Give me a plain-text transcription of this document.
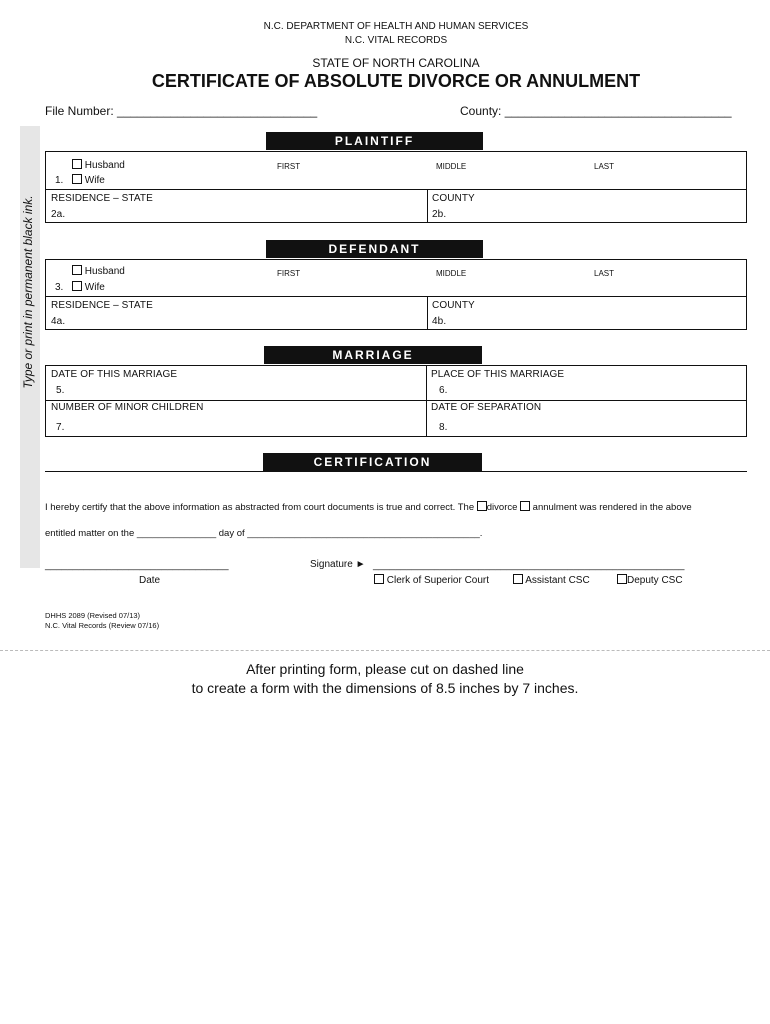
N.C. DEPARTMENT OF HEALTH AND HUMAN SERVICES
N.C. VITAL RECORDS
STATE OF NORTH CAROLINA
CERTIFICATE OF ABSOLUTE DIVORCE OR ANNULMENT
File Number: ______________________________	County: __________________________________
Type or print in permanent black ink.
PLAINTIFF
Husband
1.	Wife
FIRST	MIDDLE	LAST
RESIDENCE – STATE
2a.
COUNTY
2b.
DEFENDANT
Husband
3.	Wife
FIRST	MIDDLE	LAST
RESIDENCE – STATE
4a.
COUNTY
4b.
MARRIAGE
DATE OF THIS MARRIAGE
5.
PLACE OF THIS MARRIAGE
6.
NUMBER OF MINOR CHILDREN
7.
DATE OF SEPARATION
8.
CERTIFICATION
I hereby certify that the above information as abstracted from court documents is true and correct. The divorce annulment was rendered in the above
entitled matter on the _______________ day of ____________________________________________.
_________________________________
Date
Signature ► ________________________________________________________
Clerk of Superior Court	Assistant CSC	Deputy CSC
DHHS 2089 (Revised 07/13)
N.C. Vital Records (Review 07/16)
After printing form, please cut on dashed line
to create a form with the dimensions of 8.5 inches by 7 inches.
